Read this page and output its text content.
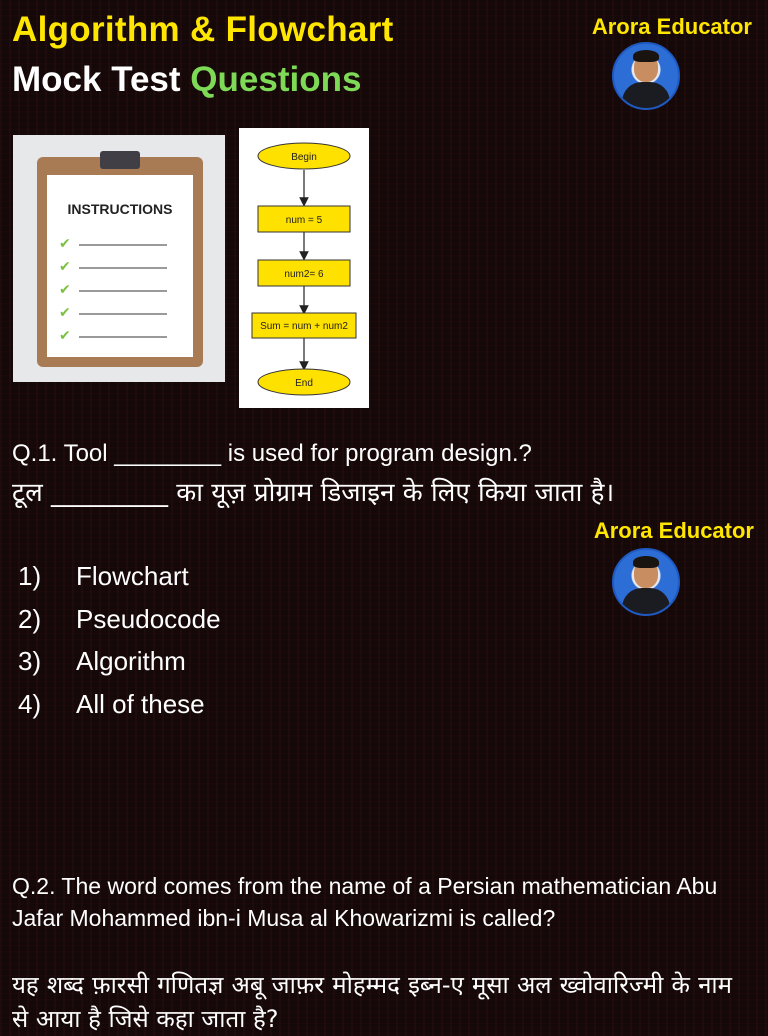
Algorithm & Flowchart
Mock Test Questions
Arora Educator
INSTRUCTIONS
✔
✔
✔
✔
✔
Begin
num = 5
num2= 6
Sum = num + num2
End
Q.1. Tool ________ is used for program design.?
टूल _________ का यूज़ प्रोग्राम डिजाइन के लिए किया जाता है।
Arora Educator
1) Flowchart
2) Pseudocode
3) Algorithm
4) All of these
Q.2. The word comes from the name of a Persian mathematician Abu Jafar Mohammed ibn-i Musa al Khowarizmi is called?
यह शब्द फ़ारसी गणितज्ञ अबू जाफ़र मोहम्मद इब्न-ए मूसा अल ख्वोवारिज्मी के नाम से आया है जिसे कहा जाता है?
